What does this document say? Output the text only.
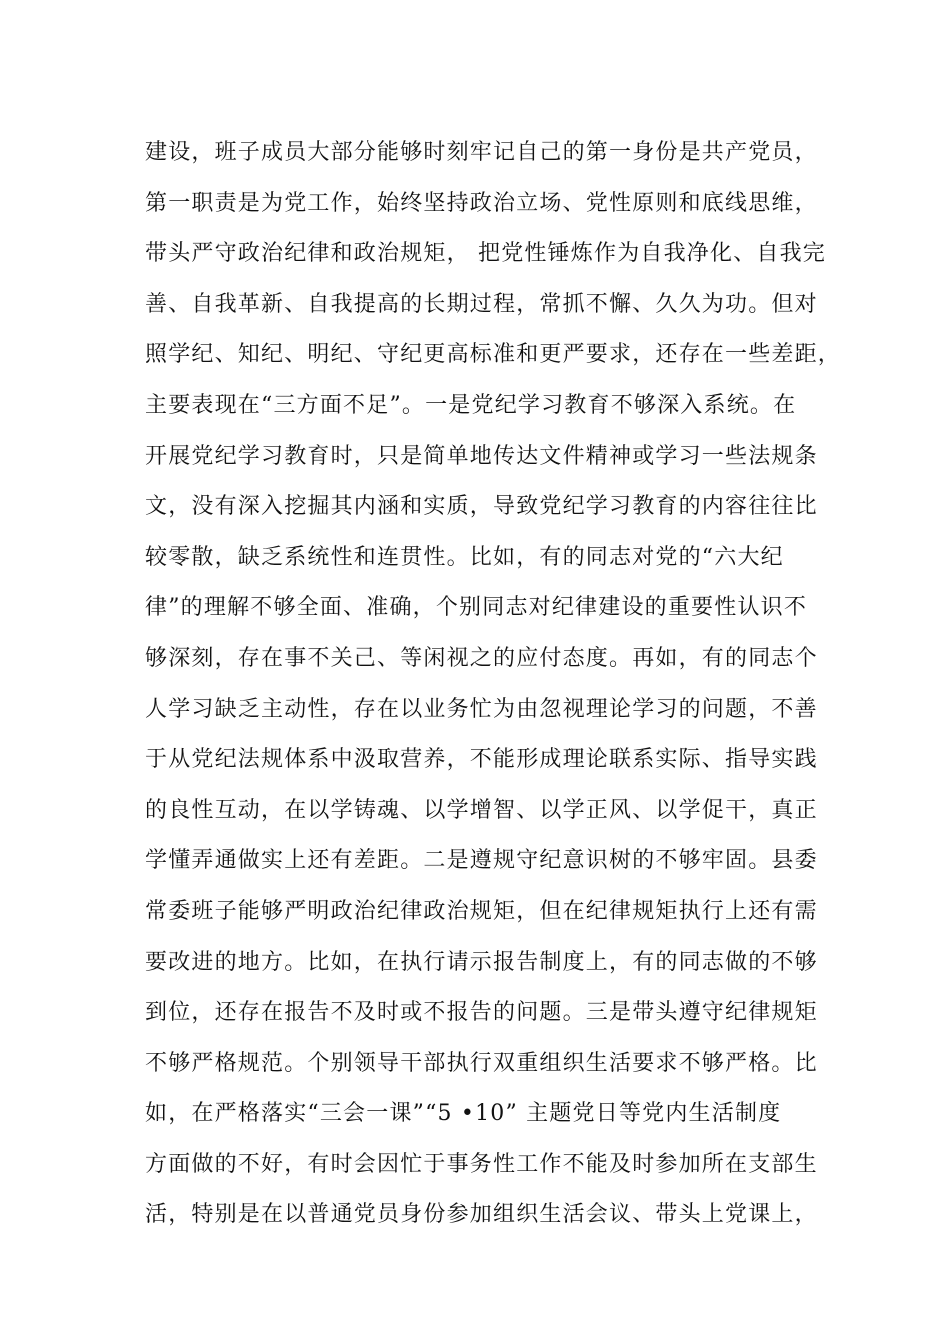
建设，班子成员大部分能够时刻牢记自己的第一身份是共产党员，
第一职责是为党工作，始终坚持政治立场、党性原则和底线思维，
带头严守政治纪律和政治规矩， 把党性锤炼作为自我净化、自我完
善、自我革新、自我提高的长期过程，常抓不懈、久久为功。但对
照学纪、知纪、明纪、守纪更高标准和更严要求，还存在一些差距，
主要表现在“三方面不足”。一是党纪学习教育不够深入系统。在
开展党纪学习教育时，只是简单地传达文件精神或学习一些法规条
文，没有深入挖掘其内涵和实质，导致党纪学习教育的内容往往比
较零散，缺乏系统性和连贯性。比如，有的同志对党的“六大纪
律”的理解不够全面、准确，个别同志对纪律建设的重要性认识不
够深刻，存在事不关己、等闲视之的应付态度。再如，有的同志个
人学习缺乏主动性，存在以业务忙为由忽视理论学习的问题，不善
于从党纪法规体系中汲取营养，不能形成理论联系实际、指导实践
的良性互动，在以学铸魂、以学增智、以学正风、以学促干，真正
学懂弄通做实上还有差距。二是遵规守纪意识树的不够牢固。县委
常委班子能够严明政治纪律政治规矩，但在纪律规矩执行上还有需
要改进的地方。比如，在执行请示报告制度上，有的同志做的不够
到位，还存在报告不及时或不报告的问题。三是带头遵守纪律规矩
不够严格规范。个别领导干部执行双重组织生活要求不够严格。比
如，在严格落实“三会一课”“5 •10” 主题党日等党内生活制度
方面做的不好，有时会因忙于事务性工作不能及时参加所在支部生
活，特别是在以普通党员身份参加组织生活会议、带头上党课上，
